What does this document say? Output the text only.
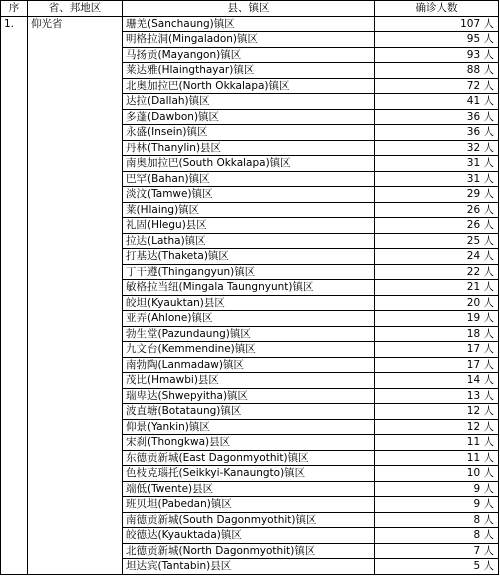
序	省、邦地区	县、镇区	确诊人数
1.	仰光省	珊羌(Sanchaung)镇区	107 人
		明格拉洞(Mingaladon)镇区	95 人
		马扬贡(Mayangon)镇区	93 人
		莱达雅(Hlaingthayar)镇区	88 人
		北奥加拉巴(North Okkalapa)镇区	72 人
		达拉(Dallah)镇区	41 人
		多蓬(Dawbon)镇区	36 人
		永盛(Insein)镇区	36 人
		丹林(Thanylin)县区	32 人
		南奥加拉巴(South Okkalapa)镇区	31 人
		巴罕(Bahan)镇区	31 人
		淡汶(Tamwe)镇区	29 人
		莱(Hlaing)镇区	26 人
		礼固(Hlegu)县区	26 人
		拉达(Latha)镇区	25 人
		打基达(Thaketa)镇区	24 人
		丁干遵(Thingangyun)镇区	22 人
		敏格拉当纽(Mingala Taungnyunt)镇区	21 人
		皎坦(Kyauktan)县区	20 人
		亚弄(Ahlone)镇区	19 人
		勃生堂(Pazundaung)镇区	18 人
		九文台(Kemmendine)镇区	17 人
		南勃陶(Lanmadaw)镇区	17 人
		茂比(Hmawbi)县区	14 人
		瑞卑达(Shwepyitha)镇区	13 人
		波直塘(Botataung)镇区	12 人
		仰景(Yankin)镇区	12 人
		宋刹(Thongkwa)县区	11 人
		东德贡新城(East Dagonmyothit)镇区	11 人
		色枝克瑙托(Seikkyi-Kanaungto)镇区	10 人
		端低(Twente)县区	9 人
		班贝坦(Pabedan)镇区	9 人
		南德贡新城(South Dagonmyothit)镇区	8 人
		皎德达(Kyauktada)镇区	8 人
		北德贡新城(North Dagonmyothit)镇区	7 人
		坦达宾(Tantabin)县区	5 人
